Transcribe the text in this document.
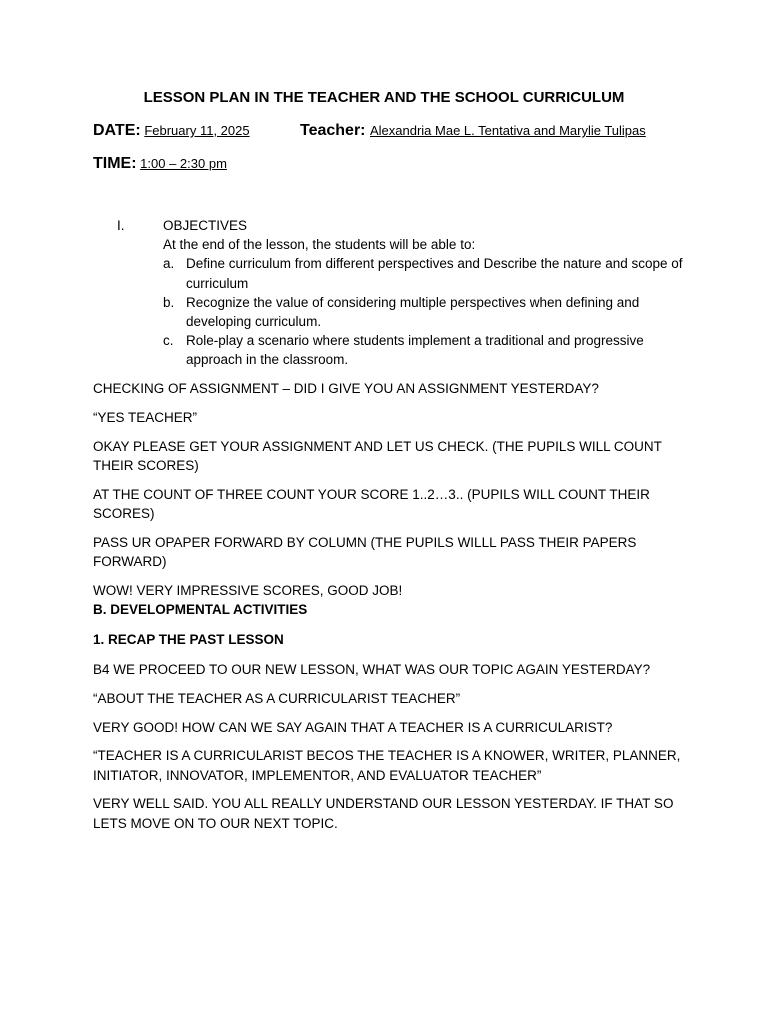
LESSON PLAN IN THE TEACHER AND THE SCHOOL CURRICULUM
DATE: February 11, 2025	Teacher: Alexandria Mae L. Tentativa and Marylie Tulipas
TIME: 1:00 – 2:30 pm
I.	OBJECTIVES
At the end of the lesson, the students will be able to:
a. Define curriculum from different perspectives and Describe the nature and scope of curriculum
b. Recognize the value of considering multiple perspectives when defining and developing curriculum.
c. Role-play a scenario where students implement a traditional and progressive approach in the classroom.

CHECKING OF ASSIGNMENT – DID I GIVE YOU AN ASSIGNMENT YESTERDAY?

“YES TEACHER”

OKAY PLEASE GET YOUR ASSIGNMENT AND LET US CHECK. (THE PUPILS WILL COUNT THEIR SCORES)

AT THE COUNT OF THREE COUNT YOUR SCORE 1..2…3.. (PUPILS WILL COUNT THEIR SCORES)

PASS UR OPAPER FORWARD BY COLUMN (THE PUPILS WILLL PASS THEIR PAPERS FORWARD)

WOW! VERY IMPRESSIVE SCORES, GOOD JOB!

B. DEVELOPMENTAL ACTIVITIES
1. RECAP THE PAST LESSON

B4 WE PROCEED TO OUR NEW LESSON, WHAT WAS OUR TOPIC AGAIN YESTERDAY?

“ABOUT THE TEACHER AS A CURRICULARIST TEACHER”

VERY GOOD! HOW CAN WE SAY AGAIN THAT A TEACHER IS A CURRICULARIST?

“TEACHER IS A CURRICULARIST BECOS THE TEACHER IS A KNOWER, WRITER, PLANNER, INITIATOR, INNOVATOR, IMPLEMENTOR, AND EVALUATOR TEACHER”

VERY WELL SAID. YOU ALL REALLY UNDERSTAND OUR LESSON YESTERDAY. IF THAT SO LETS MOVE ON TO OUR NEXT TOPIC.
